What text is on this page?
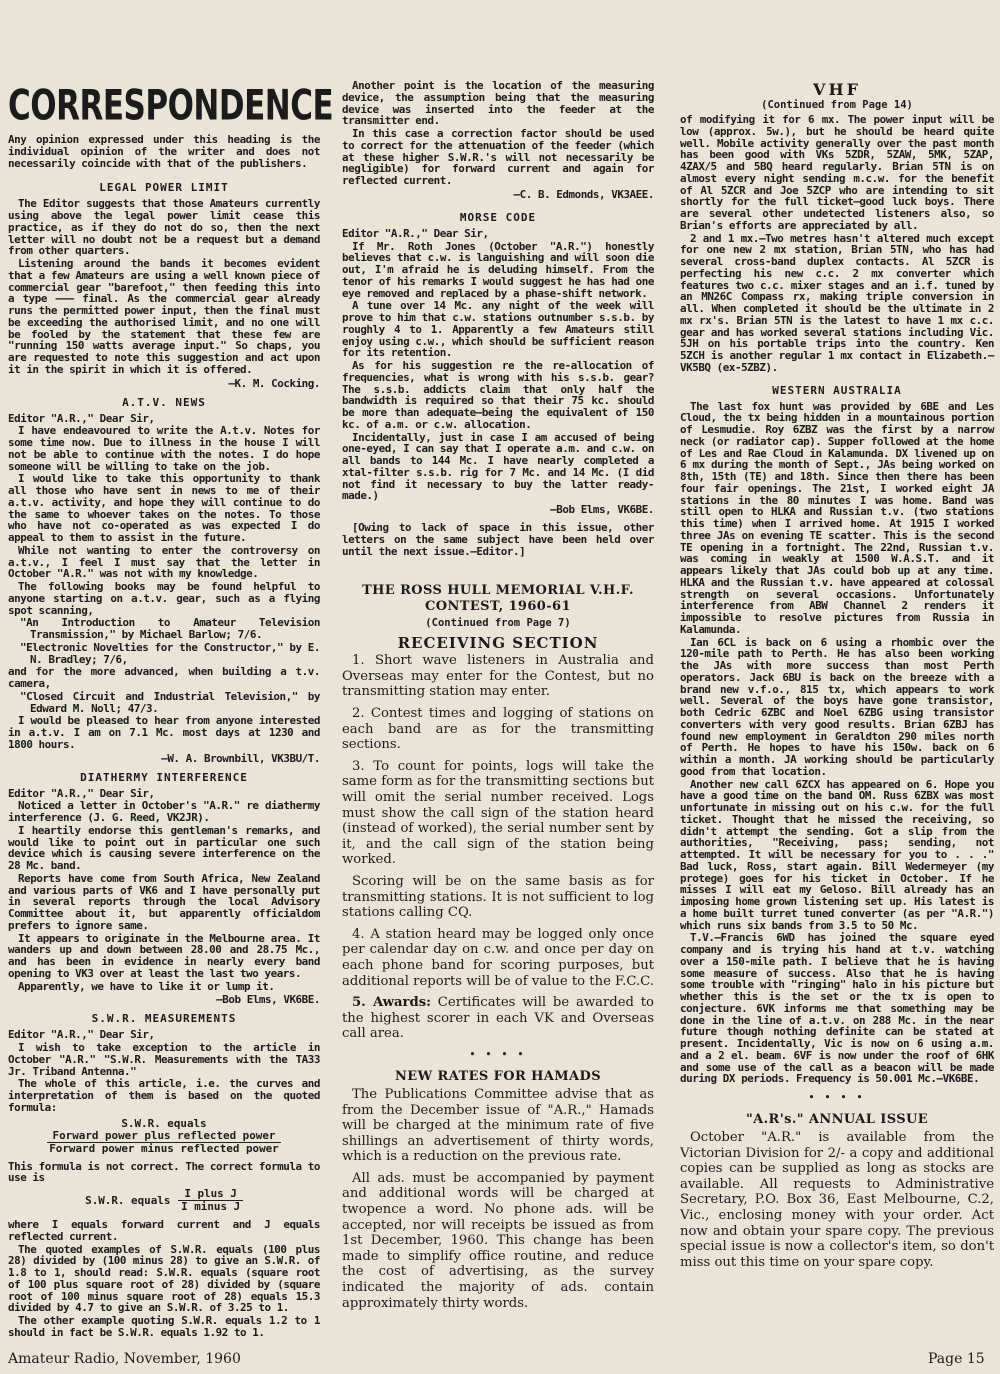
CORRESPONDENCE

Any opinion expressed under this heading is the individual opinion of the writer and does not necessarily coincide with that of the publishers.

LEGAL POWER LIMIT

The Editor suggests that those Amateurs currently using above the legal power limit cease this practice, as if they do not do so, then the next letter will no doubt not be a request but a demand from other quarters.

Listening around the bands it becomes evident that a few Amateurs are using a well known piece of commercial gear "barefoot," then feeding this into a type ——— final. As the commercial gear already runs the permitted power input, then the final must be exceeding the authorised limit, and no one will be fooled by the statement that these few are "running 150 watts average input." So chaps, you are requested to note this suggestion and act upon it in the spirit in which it is offered.

—K. M. Cocking.
A.T.V. NEWS

Editor "A.R.," Dear Sir,

I have endeavoured to write the A.t.v. Notes for some time now. Due to illness in the house I will not be able to continue with the notes. I do hope someone will be willing to take on the job.

I would like to take this opportunity to thank all those who have sent in news to me of their a.t.v. activity, and hope they will continue to do the same to whoever takes on the notes. To those who have not co-operated as was expected I do appeal to them to assist in the future.

While not wanting to enter the controversy on a.t.v., I feel I must say that the letter in October "A.R." was not with my knowledge.

The following books may be found helpful to anyone starting on a.t.v. gear, such as a flying spot scanning,

"An Introduction to Amateur Television Transmission," by Michael Barlow; 7/6.

"Electronic Novelties for the Constructor," by E. N. Bradley; 7/6,

and for the more advanced, when building a t.v. camera,

"Closed Circuit and Industrial Television," by Edward M. Noll; 47/3.

I would be pleased to hear from anyone interested in a.t.v. I am on 7.1 Mc. most days at 1230 and 1800 hours.

—W. A. Brownbill, VK3BU/T.
DIATHERMY INTERFERENCE

Editor "A.R.," Dear Sir,

Noticed a letter in October's "A.R." re diathermy interference (J. G. Reed, VK2JR).

I heartily endorse this gentleman's remarks, and would like to point out in particular one such device which is causing severe interference on the 28 Mc. band.

Reports have come from South Africa, New Zealand and various parts of VK6 and I have personally put in several reports through the local Advisory Committee about it, but apparently officialdom prefers to ignore same.

It appears to originate in the Melbourne area. It wanders up and down between 28.00 and 28.75 Mc., and has been in evidence in nearly every band opening to VK3 over at least the last two years.

Apparently, we have to like it or lump it.

—Bob Elms, VK6BE.
S.W.R. MEASUREMENTS

Editor "A.R.," Dear Sir,

I wish to take exception to the article in October "A.R." "S.W.R. Measurements with the TA33 Jr. Triband Antenna."

The whole of this article, i.e. the curves and interpretation of them is based on the quoted formula:

S.W.R. equals
Forward power plus reflected power
Forward power minus reflected power

This formula is not correct. The correct formula to use is

S.W.R. equals	I plus J
I minus J

where I equals forward current and J equals reflected current.

The quoted examples of S.W.R. equals (100 plus 28) divided by (100 minus 28) to give an S.W.R. of 1.8 to 1, should read: S.W.R. equals (square root of 100 plus square root of 28) divided by (square root of 100 minus square root of 28) equals 15.3 divided by 4.7 to give an S.W.R. of 3.25 to 1.

The other example quoting S.W.R. equals 1.2 to 1 should in fact be S.W.R. equals 1.92 to 1.

Another point is the location of the measuring device, the assumption being that the measuring device was inserted into the feeder at the transmitter end.

In this case a correction factor should be used to correct for the attenuation of the feeder (which at these higher S.W.R.'s will not necessarily be negligible) for forward current and again for reflected current.

—C. B. Edmonds, VK3AEE.
MORSE CODE

Editor "A.R.," Dear Sir,

If Mr. Roth Jones (October "A.R.") honestly believes that c.w. is languishing and will soon die out, I'm afraid he is deluding himself. From the tenor of his remarks I would suggest he has had one eye removed and replaced by a phase-shift network.

A tune over 14 Mc. any night of the week will prove to him that c.w. stations outnumber s.s.b. by roughly 4 to 1. Apparently a few Amateurs still enjoy using c.w., which should be sufficient reason for its retention.

As for his suggestion re the re-allocation of frequencies, what is wrong with his s.s.b. gear? The s.s.b. addicts claim that only half the bandwidth is required so that their 75 kc. should be more than adequate—being the equivalent of 150 kc. of a.m. or c.w. allocation.

Incidentally, just in case I am accused of being one-eyed, I can say that I operate a.m. and c.w. on all bands to 144 Mc. I have nearly completed a xtal-filter s.s.b. rig for 7 Mc. and 14 Mc. (I did not find it necessary to buy the latter ready-made.)

—Bob Elms, VK6BE.

[Owing to lack of space in this issue, other letters on the same subject have been held over until the next issue.—Editor.]

THE ROSS HULL MEMORIAL V.H.F. CONTEST, 1960-61
(Continued from Page 7)
RECEIVING SECTION

1. Short wave listeners in Australia and Overseas may enter for the Contest, but no transmitting station may enter.

2. Contest times and logging of stations on each band are as for the transmitting sections.

3. To count for points, logs will take the same form as for the transmitting sections but will omit the serial number received. Logs must show the call sign of the station heard (instead of worked), the serial number sent by it, and the call sign of the station being worked.

Scoring will be on the same basis as for transmitting stations. It is not sufficient to log stations calling CQ.

4. A station heard may be logged only once per calendar day on c.w. and once per day on each phone band for scoring purposes, but additional reports will be of value to the F.C.C.

5. Awards: Certificates will be awarded to the highest scorer in each VK and Overseas call area.

• • • •
NEW RATES FOR HAMADS

The Publications Committee advise that as from the December issue of "A.R.," Hamads will be charged at the minimum rate of five shillings an advertisement of thirty words, which is a reduction on the previous rate.

All ads. must be accompanied by payment and additional words will be charged at twopence a word. No phone ads. will be accepted, nor will receipts be issued as from 1st December, 1960. This change has been made to simplify office routine, and reduce the cost of advertising, as the survey indicated the majority of ads. contain approximately thirty words.

VHF
(Continued from Page 14)

of modifying it for 6 mx. The power input will be low (approx. 5w.), but he should be heard quite well. Mobile activity generally over the past month has been good with VKs 5ZDR, 5ZAW, 5MK, 5ZAP, 4ZAX/5 and 5BQ heard regularly. Brian 5TN is on almost every night sending m.c.w. for the benefit of Al 5ZCR and Joe 5ZCP who are intending to sit shortly for the full ticket—good luck boys. There are several other undetected listeners also, so Brian's efforts are appreciated by all.

2 and 1 mx.—Two metres hasn't altered much except for one new 2 mx station, Brian 5TN, who has had several cross-band duplex contacts. Al 5ZCR is perfecting his new c.c. 2 mx converter which features two c.c. mixer stages and an i.f. tuned by an MN26C Compass rx, making triple conversion in all. When completed it should be the ultimate in 2 mx rx's. Brian 5TN is the latest to have 1 mx c.c. gear and has worked several stations including Vic. 5JH on his portable trips into the country. Ken 5ZCH is another regular 1 mx contact in Elizabeth.—VK5BQ (ex-5ZBZ).

WESTERN AUSTRALIA

The last fox hunt was provided by 6BE and Les Cloud, the tx being hidden in a mountainous portion of Lesmudie. Roy 6ZBZ was the first by a narrow neck (or radiator cap). Supper followed at the home of Les and Rae Cloud in Kalamunda. DX livened up on 6 mx during the month of Sept., JAs being worked on 8th, 15th (TE) and 18th. Since then there has been four fair openings. The 21st, I worked eight JA stations in the 80 minutes I was home. Band was still open to HLKA and Russian t.v. (two stations this time) when I arrived home. At 1915 I worked three JAs on evening TE scatter. This is the second TE opening in a fortnight. The 22nd, Russian t.v. was coming in weakly at 1500 W.A.S.T. and it appears likely that JAs could bob up at any time. HLKA and the Russian t.v. have appeared at colossal strength on several occasions. Unfortunately interference from ABW Channel 2 renders it impossible to resolve pictures from Russia in Kalamunda.

Ian 6CL is back on 6 using a rhombic over the 120-mile path to Perth. He has also been working the JAs with more success than most Perth operators. Jack 6BU is back on the breeze with a brand new v.f.o., 815 tx, which appears to work well. Several of the boys have gone transistor, both Cedric 6ZBC and Noel 6ZBG using transistor converters with very good results. Brian 6ZBJ has found new employment in Geraldton 290 miles north of Perth. He hopes to have his 150w. back on 6 within a month. JA working should be particularly good from that location.

Another new call 6ZCX has appeared on 6. Hope you have a good time on the band OM. Russ 6ZBX was most unfortunate in missing out on his c.w. for the full ticket. Thought that he missed the receiving, so didn't attempt the sending. Got a slip from the authorities, "Receiving, pass; sending, not attempted. It will be necessary for you to . . ." Bad luck, Ross, start again. Bill Wedermeyer (my protege) goes for his ticket in October. If he misses I will eat my Geloso. Bill already has an imposing home grown listening set up. His latest is a home built turret tuned converter (as per "A.R.") which runs six bands from 3.5 to 50 Mc.

T.V.—Francis 6WD has joined the square eyed company and is trying his hand at t.v. watching over a 150-mile path. I believe that he is having some measure of success. Also that he is having some trouble with "ringing" halo in his picture but whether this is the set or the tx is open to conjecture. 6VK informs me that something may be done in the line of a.t.v. on 288 Mc. in the near future though nothing definite can be stated at present. Incidentally, Vic is now on 6 using a.m. and a 2 el. beam. 6VF is now under the roof of 6HK and some use of the call as a beacon will be made during DX periods. Frequency is 50.001 Mc.—VK6BE.

• • • •
"A.R's." ANNUAL ISSUE

October "A.R." is available from the Victorian Division for 2/- a copy and additional copies can be supplied as long as stocks are available. All requests to Administrative Secretary, P.O. Box 36, East Melbourne, C.2, Vic., enclosing money with your order. Act now and obtain your spare copy. The previous special issue is now a collector's item, so don't miss out this time on your spare copy.

Amateur Radio, November, 1960	Page 15
